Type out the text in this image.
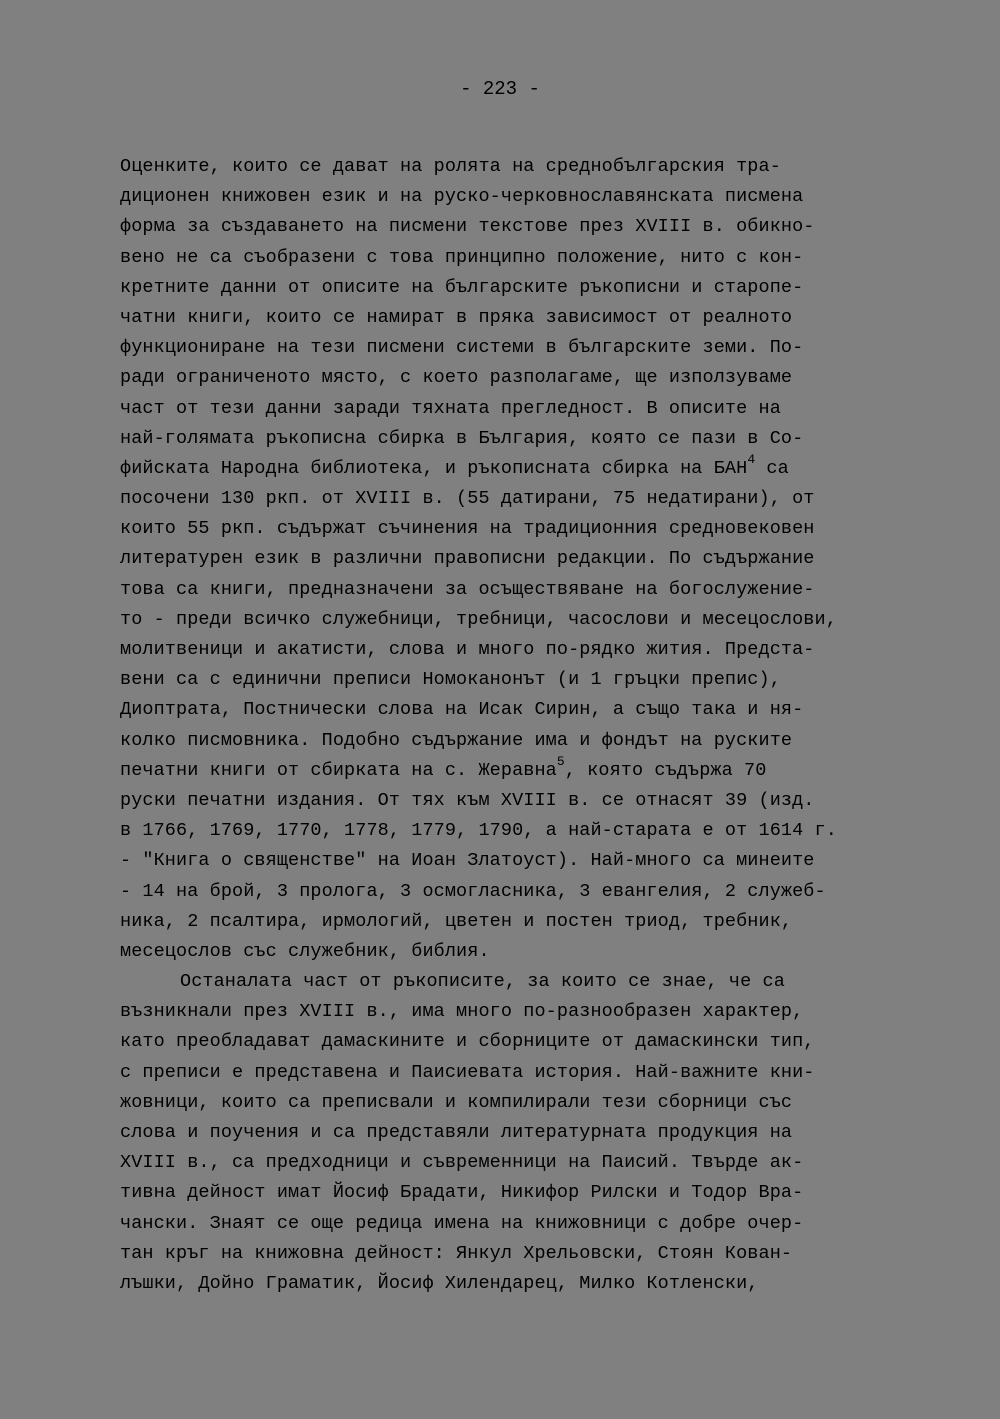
- 223 -
Оценките, които се дават на ролята на среднобългарския тра-
диционен книжовен език и на руско-черковнославянската писмена
форма за създаването на писмени текстове през XVIII в. обикно-
вено не са съобразени с това принципно положение, нито с кон-
кретните данни от описите на българските ръкописни и старопе-
чатни книги, които се намират в пряка зависимост от реалното
функциониране на тези писмени системи в българските земи. По-
ради ограниченото място, с което разполагаме, ще използуваме
част от тези данни заради тяхната прегледност. В описите на
най-голямата ръкописна сбирка в България, която се пази в Со-
фийската Народна библиотека, и ръкописната сбирка на БАН$^4$ са
посочени 130 ркп. от XVIII в. (55 датирани, 75 недатирани), от
които 55 ркп. съдържат съчинения на традиционния средновековен
литературен език в различни правописни редакции. По съдържание
това са книги, предназначени за осъществяване на богослужение-
то - преди всичко служебници, требници, часослови и месецослови,
молитвеници и акатисти, слова и много по-рядко жития. Предста-
вени са с единични преписи Номоканонът (и 1 гръцки препис),
Диоптрата, Постнически слова на Исак Сирин, а също така и ня-
колко писмовника. Подобно съдържание има и фондът на руските
печатни книги от сбирката на с. Жеравна$^5$, която съдържа 70
руски печатни издания. От тях към XVIII в. се отнасят 39 (изд.
в 1766, 1769, 1770, 1778, 1779, 1790, а най-старата е от 1614 г.
- "Книга о священстве" на Иоан Златоуст). Най-много са минеите
- 14 на брой, 3 пролога, 3 осмогласника, 3 евангелия, 2 служеб-
ника, 2 псалтира, ирмологий, цветен и постен триод, требник,
месецослов със служебник, библия.
Останалата част от ръкописите, за които се знае, че са
възникнали през XVIII в., има много по-разнообразен характер,
като преобладават дамаскините и сборниците от дамаскински тип,
с преписи е представена и Паисиевата история. Най-важните кни-
жовници, които са преписвали и компилирали тези сборници със
слова и поучения и са представяли литературната продукция на
XVIII в., са предходници и съвременници на Паисий. Твърде ак-
тивна дейност имат Йосиф Брадати, Никифор Рилски и Тодор Вра-
чански. Знаят се още редица имена на книжовници с добре очер-
тан кръг на книжовна дейност: Янкул Хрельовски, Стоян Кован-
лъшки, Дойно Граматик, Йосиф Хилендарец, Милко Котленски,
